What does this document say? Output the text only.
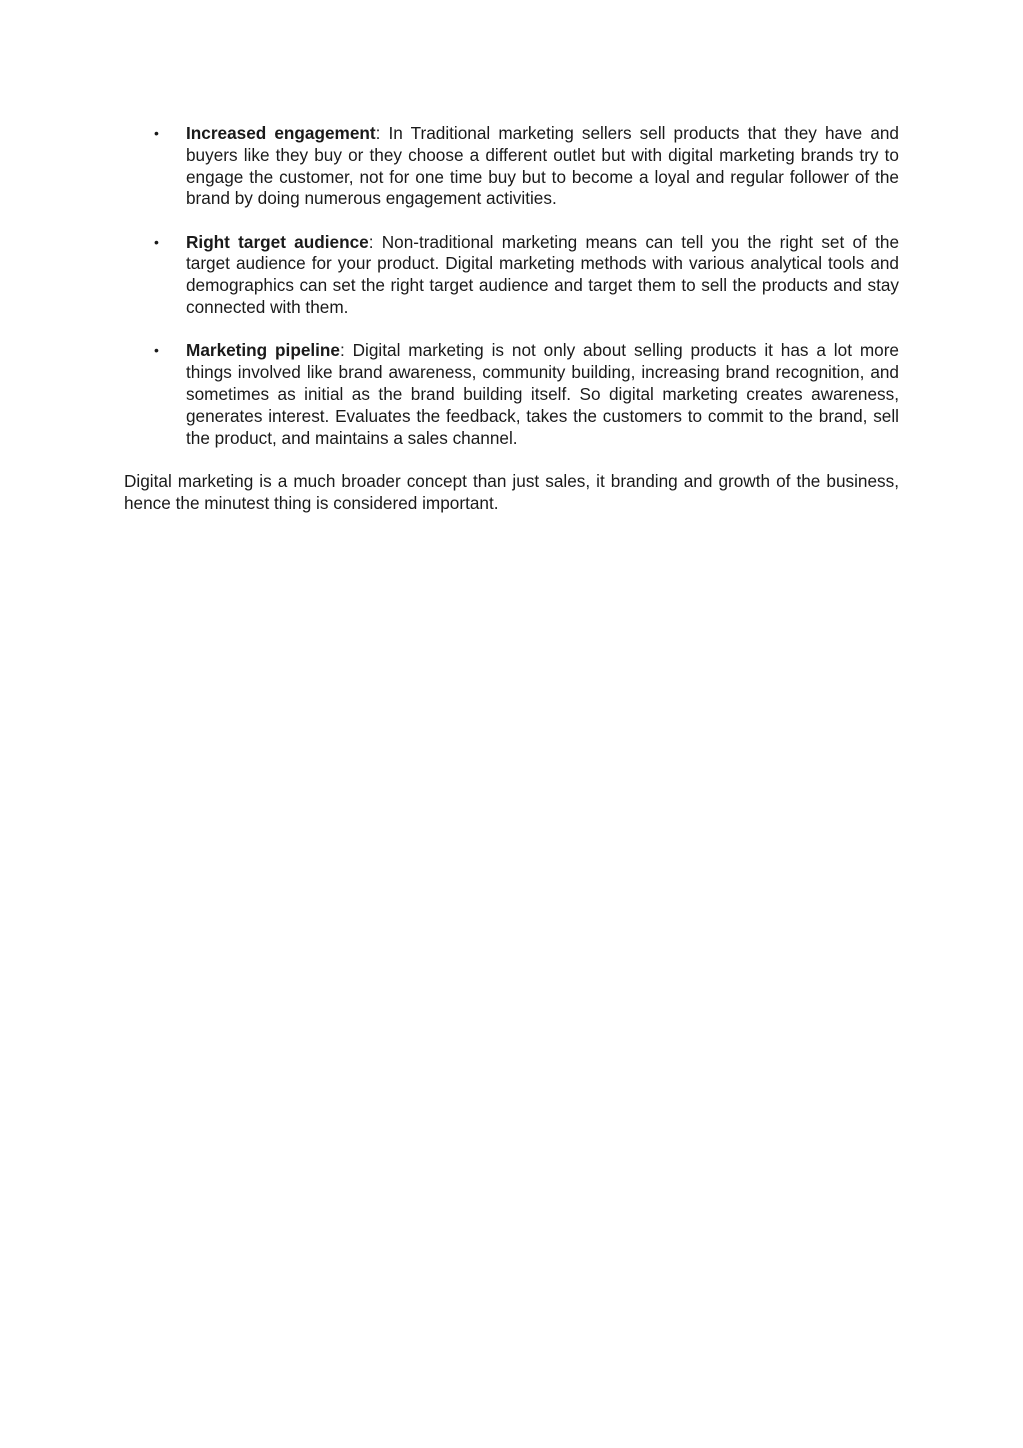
• Increased engagement: In Traditional marketing sellers sell products that they have and buyers like they buy or they choose a different outlet but with digital marketing brands try to engage the customer, not for one time buy but to become a loyal and regular follower of the brand by doing numerous engagement activities.
• Right target audience: Non-traditional marketing means can tell you the right set of the target audience for your product. Digital marketing methods with various analytical tools and demographics can set the right target audience and target them to sell the products and stay connected with them.
• Marketing pipeline: Digital marketing is not only about selling products it has a lot more things involved like brand awareness, community building, increasing brand recognition, and sometimes as initial as the brand building itself. So digital marketing creates awareness, generates interest. Evaluates the feedback, takes the customers to commit to the brand, sell the product, and maintains a sales channel.

Digital marketing is a much broader concept than just sales, it branding and growth of the business, hence the minutest thing is considered important.
